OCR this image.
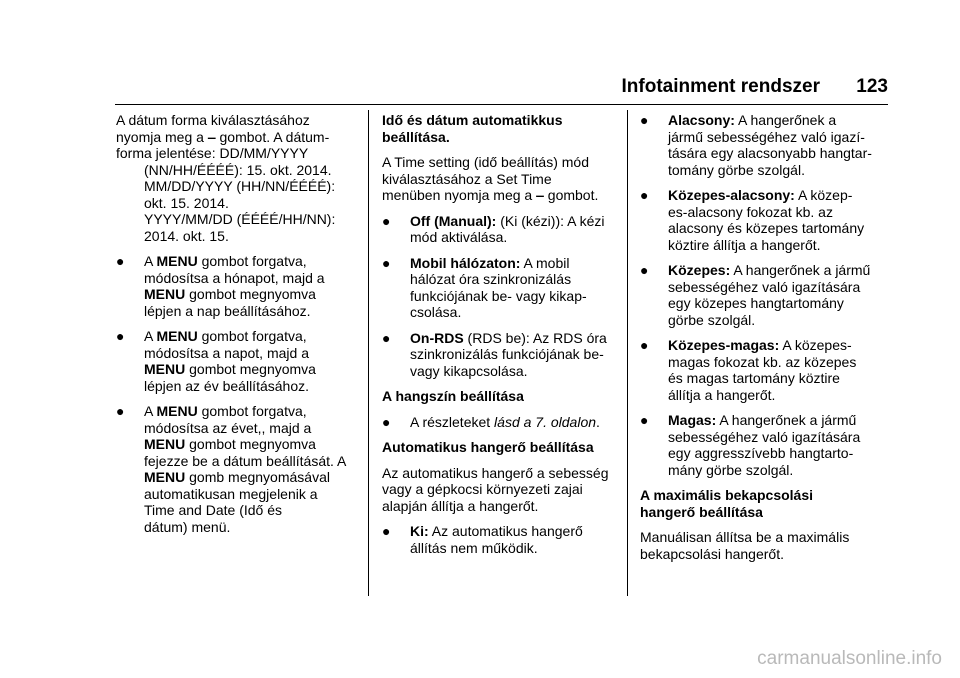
Infotainment rendszer 123

A dátum forma kiválasztásához
nyomja meg a ‒ gombot. A dátum-
forma jelentése: DD/MM/YYYY

(NN/HH/ÉÉÉÉ): 15. okt. 2014.
MM/DD/YYYY (HH/NN/ÉÉÉÉ):
okt. 15. 2014.
YYYY/MM/DD (ÉÉÉÉ/HH/NN):
2014. okt. 15.

● A MENU gombot forgatva,
módosítsa a hónapot, majd a
MENU gombot megnyomva
lépjen a nap beállításához.
● A MENU gombot forgatva,
módosítsa a napot, majd a
MENU gombot megnyomva
lépjen az év beállításához.
● A MENU gombot forgatva,
módosítsa az évet,, majd a
MENU gombot megnyomva
fejezze be a dátum beállítását. A
MENU gomb megnyomásával
automatikusan megjelenik a
Time and Date (Idő és
dátum) menü.
Idő és dátum automatikkus
beállítása.

A Time setting (idő beállítás) mód
kiválasztásához a Set Time
menüben nyomja meg a ‒ gombot.

● Off (Manual): (Ki (kézi)): A kézi
mód aktiválása.
● Mobil hálózaton: A mobil
hálózat óra szinkronizálás
funkciójának be- vagy kikap-
csolása.
● On-RDS (RDS be): Az RDS óra
szinkronizálás funkciójának be-
vagy kikapcsolása.
A hangszín beállítása
● A részleteket lásd a 7. oldalon.
Automatikus hangerő beállítása

Az automatikus hangerő a sebesség
vagy a gépkocsi környezeti zajai
alapján állítja a hangerőt.

● Ki: Az automatikus hangerő
állítás nem működik.
● Alacsony: A hangerőnek a
jármű sebességéhez való igazí-
tására egy alacsonyabb hangtar-
tomány görbe szolgál.
● Közepes-alacsony: A közep-
es-alacsony fokozat kb. az
alacsony és közepes tartomány
köztire állítja a hangerőt.
● Közepes: A hangerőnek a jármű
sebességéhez való igazítására
egy közepes hangtartomány
görbe szolgál.
● Közepes-magas: A közepes-
magas fokozat kb. az közepes
és magas tartomány köztire
állítja a hangerőt.
● Magas: A hangerőnek a jármű
sebességéhez való igazítására
egy aggresszívebb hangtarto-
mány görbe szolgál.
A maximális bekapcsolási
hangerő beállítása

Manuálisan állítsa be a maximális
bekapcsolási hangerőt.

carmanualsonline.info
